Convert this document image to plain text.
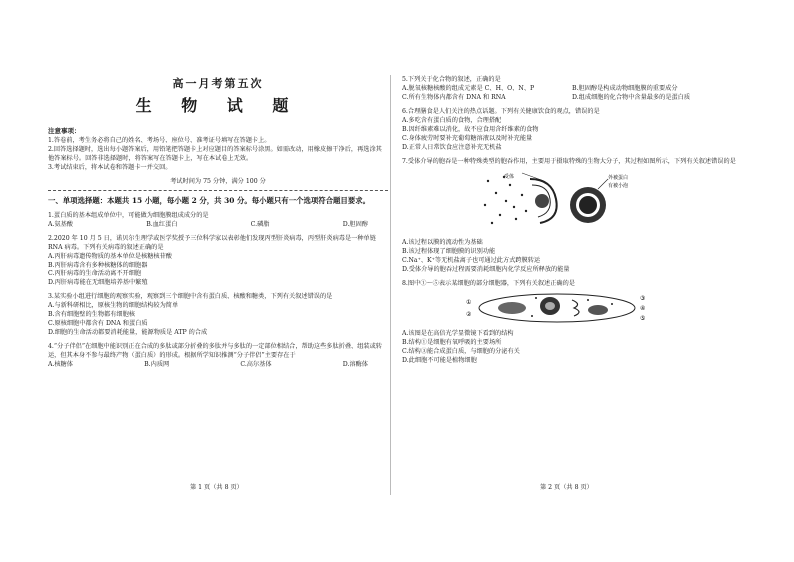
高一月考第五次
生 物 试 题
注意事项：
1.答卷前，考生务必将自己的姓名、考场号、座位号、准考证号填写在答题卡上。
2.回答选择题时，选出每小题答案后，用铅笔把答题卡上对应题目的答案标号涂黑。如需改动，用橡皮擦干净后，再选涂其他答案标号。回答非选择题时，将答案写在答题卡上，写在本试卷上无效。
3.考试结束后，将本试卷和答题卡一并交回。
考试时间为 75 分钟，满分 100 分
一、单项选择题：本题共 15 小题，每小题 2 分，共 30 分。每小题只有一个选项符合题目要求。
1.蛋白质的基本组成单位中，可能做为细胞膜组成成分的是
A.氨基酸	B.血红蛋白	C.磷脂	D.胆固醇
2.2020 年 10 月 5 日，诺贝尔生理学或医学奖授予三位科学家以表彰他们发现丙型肝炎病毒，丙型肝炎病毒是一种单链 RNA 病毒。下列有关病毒的叙述正确的是
A.丙肝病毒遗传物质的基本单位是核糖核苷酸
B.丙肝病毒含有多种核糖体的细胞器
C.丙肝病毒的生命活动离不开细胞
D.丙肝病毒能在无细胞培养基中繁殖
3.某实验小组进行细胞的观察实验，观察到三个细胞中含有蛋白质、核酸和糖类，下列有关叙述错误的是
A.与新科研相比，原核生物的细胞结构较为简单
B.含有细胞壁的生物都有细胞核
C.原核细胞中都含有 DNA 和蛋白质
D.细胞的生命活动都要消耗能量，能源物质是 ATP 的合成
4.“分子伴侣”在细胞中能识别正在合成的多肽或部分折叠的多肽并与多肽的一定部位相结合，帮助这些多肽折叠、组装或转运，但其本身不参与最终产物（蛋白质）的形成。根据所学知识推测“分子伴侣”主要存在于
A.核糖体	B.内质网	C.高尔基体	D.溶酶体
5.下列关于化合物的叙述，正确的是
A.脱氧核糖核酸的组成元素是 C、H、O、N、P	B.胆固醇是构成动物细胞膜的重要成分
C.所有生物体内都含有 DNA 和 RNA	D.组成细胞的化合物中含量最多的是蛋白质
6.合理膳食是人们关注的热点话题。下列有关健康饮食的观点，错误的是
A.多吃含有蛋白质的食物，合理搭配
B.因纤维素难以消化，故不应食用含纤维素的食物
C.身体疲劳时要补充葡萄糖溶液以及时补充能量
D.正常人日常饮食应注意补充无机盐
7.受体介导的胞吞是一种特殊类型的胞吞作用，主要用于摄取特殊的生物大分子，其过程如图所示，下列有关叙述错误的是
受体	外被蛋白
有被小泡
A.该过程以膜的流动性为基础
B.该过程体现了细胞膜的识别功能
C.Na⁺、K⁺等无机盐离子也可通过此方式跨膜转运
D.受体介导的胞吞过程需要消耗细胞内化学反应所释放的能量
8.图中①～⑤表示某细胞的部分细胞器，下列有关叙述正确的是
①
②
③
④
⑤
A.该图是在高倍光学显微镜下看到的结构
B.结构①是细胞有氧呼吸的主要场所
C.结构③能合成蛋白质，与细胞的分泌有关
D.此细胞不可能是植物细胞
第 1 页（共 8 页）	第 2 页（共 8 页）
